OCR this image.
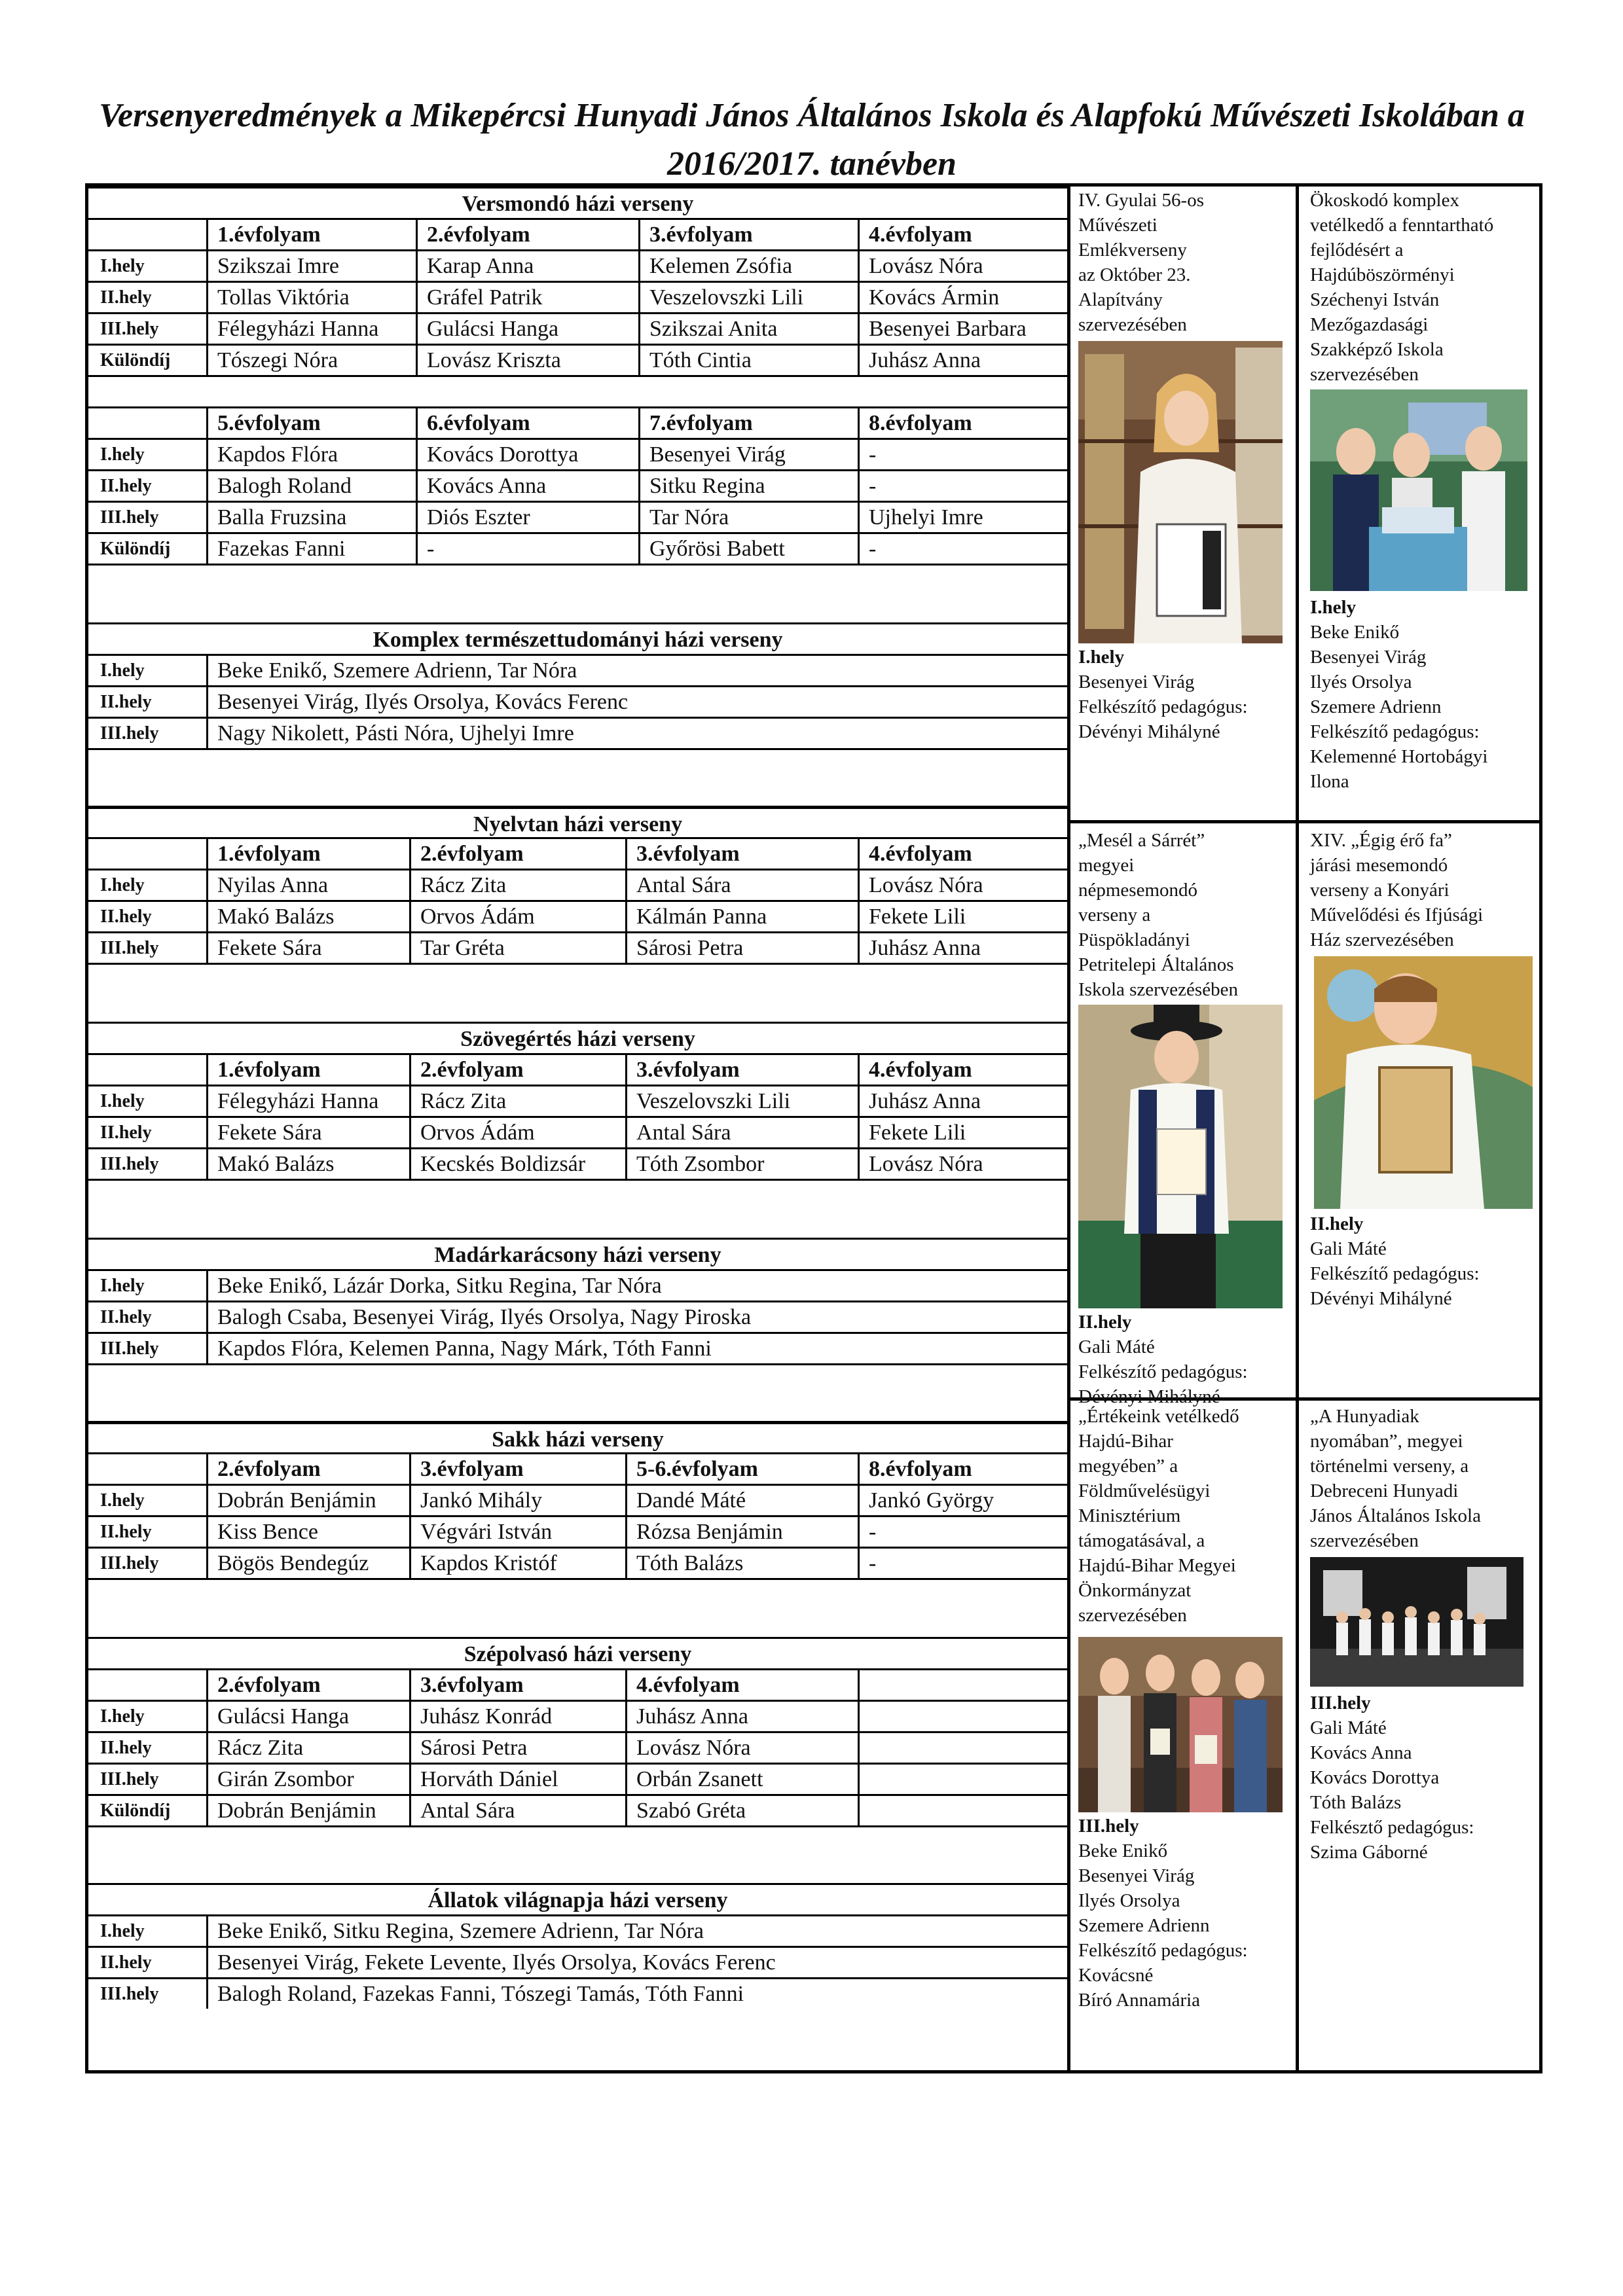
Versenyeredmények a Mikepércsi Hunyadi János Általános Iskola és Alapfokú Művészeti Iskolában a
2016/2017. tanévben
Versmondó házi verseny
1.évfolyam	2.évfolyam	3.évfolyam	4.évfolyam
I.hely	Szikszai Imre	Karap Anna	Kelemen Zsófia	Lovász Nóra
II.hely	Tollas Viktória	Gráfel Patrik	Veszelovszki Lili	Kovács Ármin
III.hely	Félegyházi Hanna	Gulácsi Hanga	Szikszai Anita	Besenyei Barbara
Különdíj	Tószegi Nóra	Lovász Kriszta	Tóth Cintia	Juhász Anna
5.évfolyam	6.évfolyam	7.évfolyam	8.évfolyam
I.hely	Kapdos Flóra	Kovács Dorottya	Besenyei Virág	-
II.hely	Balogh Roland	Kovács Anna	Sitku Regina	-
III.hely	Balla Fruzsina	Diós Eszter	Tar Nóra	Ujhelyi Imre
Különdíj	Fazekas Fanni	-	Győrösi Babett	-
Komplex természettudományi házi verseny
I.hely	Beke Enikő, Szemere Adrienn, Tar Nóra
II.hely	Besenyei Virág, Ilyés Orsolya, Kovács Ferenc
III.hely	Nagy Nikolett, Pásti Nóra, Ujhelyi Imre
Nyelvtan házi verseny
1.évfolyam	2.évfolyam	3.évfolyam	4.évfolyam
I.hely	Nyilas Anna	Rácz Zita	Antal Sára	Lovász Nóra
II.hely	Makó Balázs	Orvos Ádám	Kálmán Panna	Fekete Lili
III.hely	Fekete Sára	Tar Gréta	Sárosi Petra	Juhász Anna
Szövegértés házi verseny
1.évfolyam	2.évfolyam	3.évfolyam	4.évfolyam
I.hely	Félegyházi Hanna	Rácz Zita	Veszelovszki Lili	Juhász Anna
II.hely	Fekete Sára	Orvos Ádám	Antal Sára	Fekete Lili
III.hely	Makó Balázs	Kecskés Boldizsár	Tóth Zsombor	Lovász Nóra
Madárkarácsony házi verseny
I.hely	Beke Enikő, Lázár Dorka, Sitku Regina, Tar Nóra
II.hely	Balogh Csaba, Besenyei Virág, Ilyés Orsolya, Nagy Piroska
III.hely	Kapdos Flóra, Kelemen Panna, Nagy Márk, Tóth Fanni
Sakk házi verseny
2.évfolyam	3.évfolyam	5-6.évfolyam	8.évfolyam
I.hely	Dobrán Benjámin	Jankó Mihály	Dandé Máté	Jankó György
II.hely	Kiss Bence	Végvári István	Rózsa Benjámin	-
III.hely	Bögös Bendegúz	Kapdos Kristóf	Tóth Balázs	-
Szépolvasó házi verseny
2.évfolyam	3.évfolyam	4.évfolyam
I.hely	Gulácsi Hanga	Juhász Konrád	Juhász Anna
II.hely	Rácz Zita	Sárosi Petra	Lovász Nóra
III.hely	Girán Zsombor	Horváth Dániel	Orbán Zsanett
Különdíj	Dobrán Benjámin	Antal Sára	Szabó Gréta
Állatok világnapja házi verseny
I.hely	Beke Enikő, Sitku Regina, Szemere Adrienn, Tar Nóra
II.hely	Besenyei Virág, Fekete Levente, Ilyés Orsolya, Kovács Ferenc
III.hely	Balogh Roland, Fazekas Fanni, Tószegi Tamás, Tóth Fanni
IV. Gyulai 56-os
Művészeti
Emlékverseny
az Október 23.
Alapítvány
szervezésében
I.hely
Besenyei Virág
Felkészítő pedagógus:
Dévényi Mihályné
Ökoskodó komplex
vetélkedő a fenntartható
fejlődésért a
Hajdúböszörményi
Széchenyi István
Mezőgazdasági
Szakképző Iskola
szervezésében
I.hely
Beke Enikő
Besenyei Virág
Ilyés Orsolya
Szemere Adrienn
Felkészítő pedagógus:
Kelemenné Hortobágyi
Ilona
„Mesél a Sárrét”
megyei
népmesemondó
verseny a
Püspökladányi
Petritelepi Általános
Iskola szervezésében
II.hely
Gali Máté
Felkészítő pedagógus:
Dévényi Mihályné
XIV. „Égig érő fa”
járási mesemondó
verseny a Konyári
Művelődési és Ifjúsági
Ház szervezésében
II.hely
Gali Máté
Felkészítő pedagógus:
Dévényi Mihályné
„Értékeink vetélkedő
Hajdú-Bihar
megyében” a
Földművelésügyi
Minisztérium
támogatásával, a
Hajdú-Bihar Megyei
Önkormányzat
szervezésében
III.hely
Beke Enikő
Besenyei Virág
Ilyés Orsolya
Szemere Adrienn
Felkészítő pedagógus:
Kovácsné
Bíró Annamária
„A Hunyadiak
nyomában”, megyei
történelmi verseny, a
Debreceni Hunyadi
János Általános Iskola
szervezésében
III.hely
Gali Máté
Kovács Anna
Kovács Dorottya
Tóth Balázs
Felkésztő pedagógus:
Szima Gáborné
